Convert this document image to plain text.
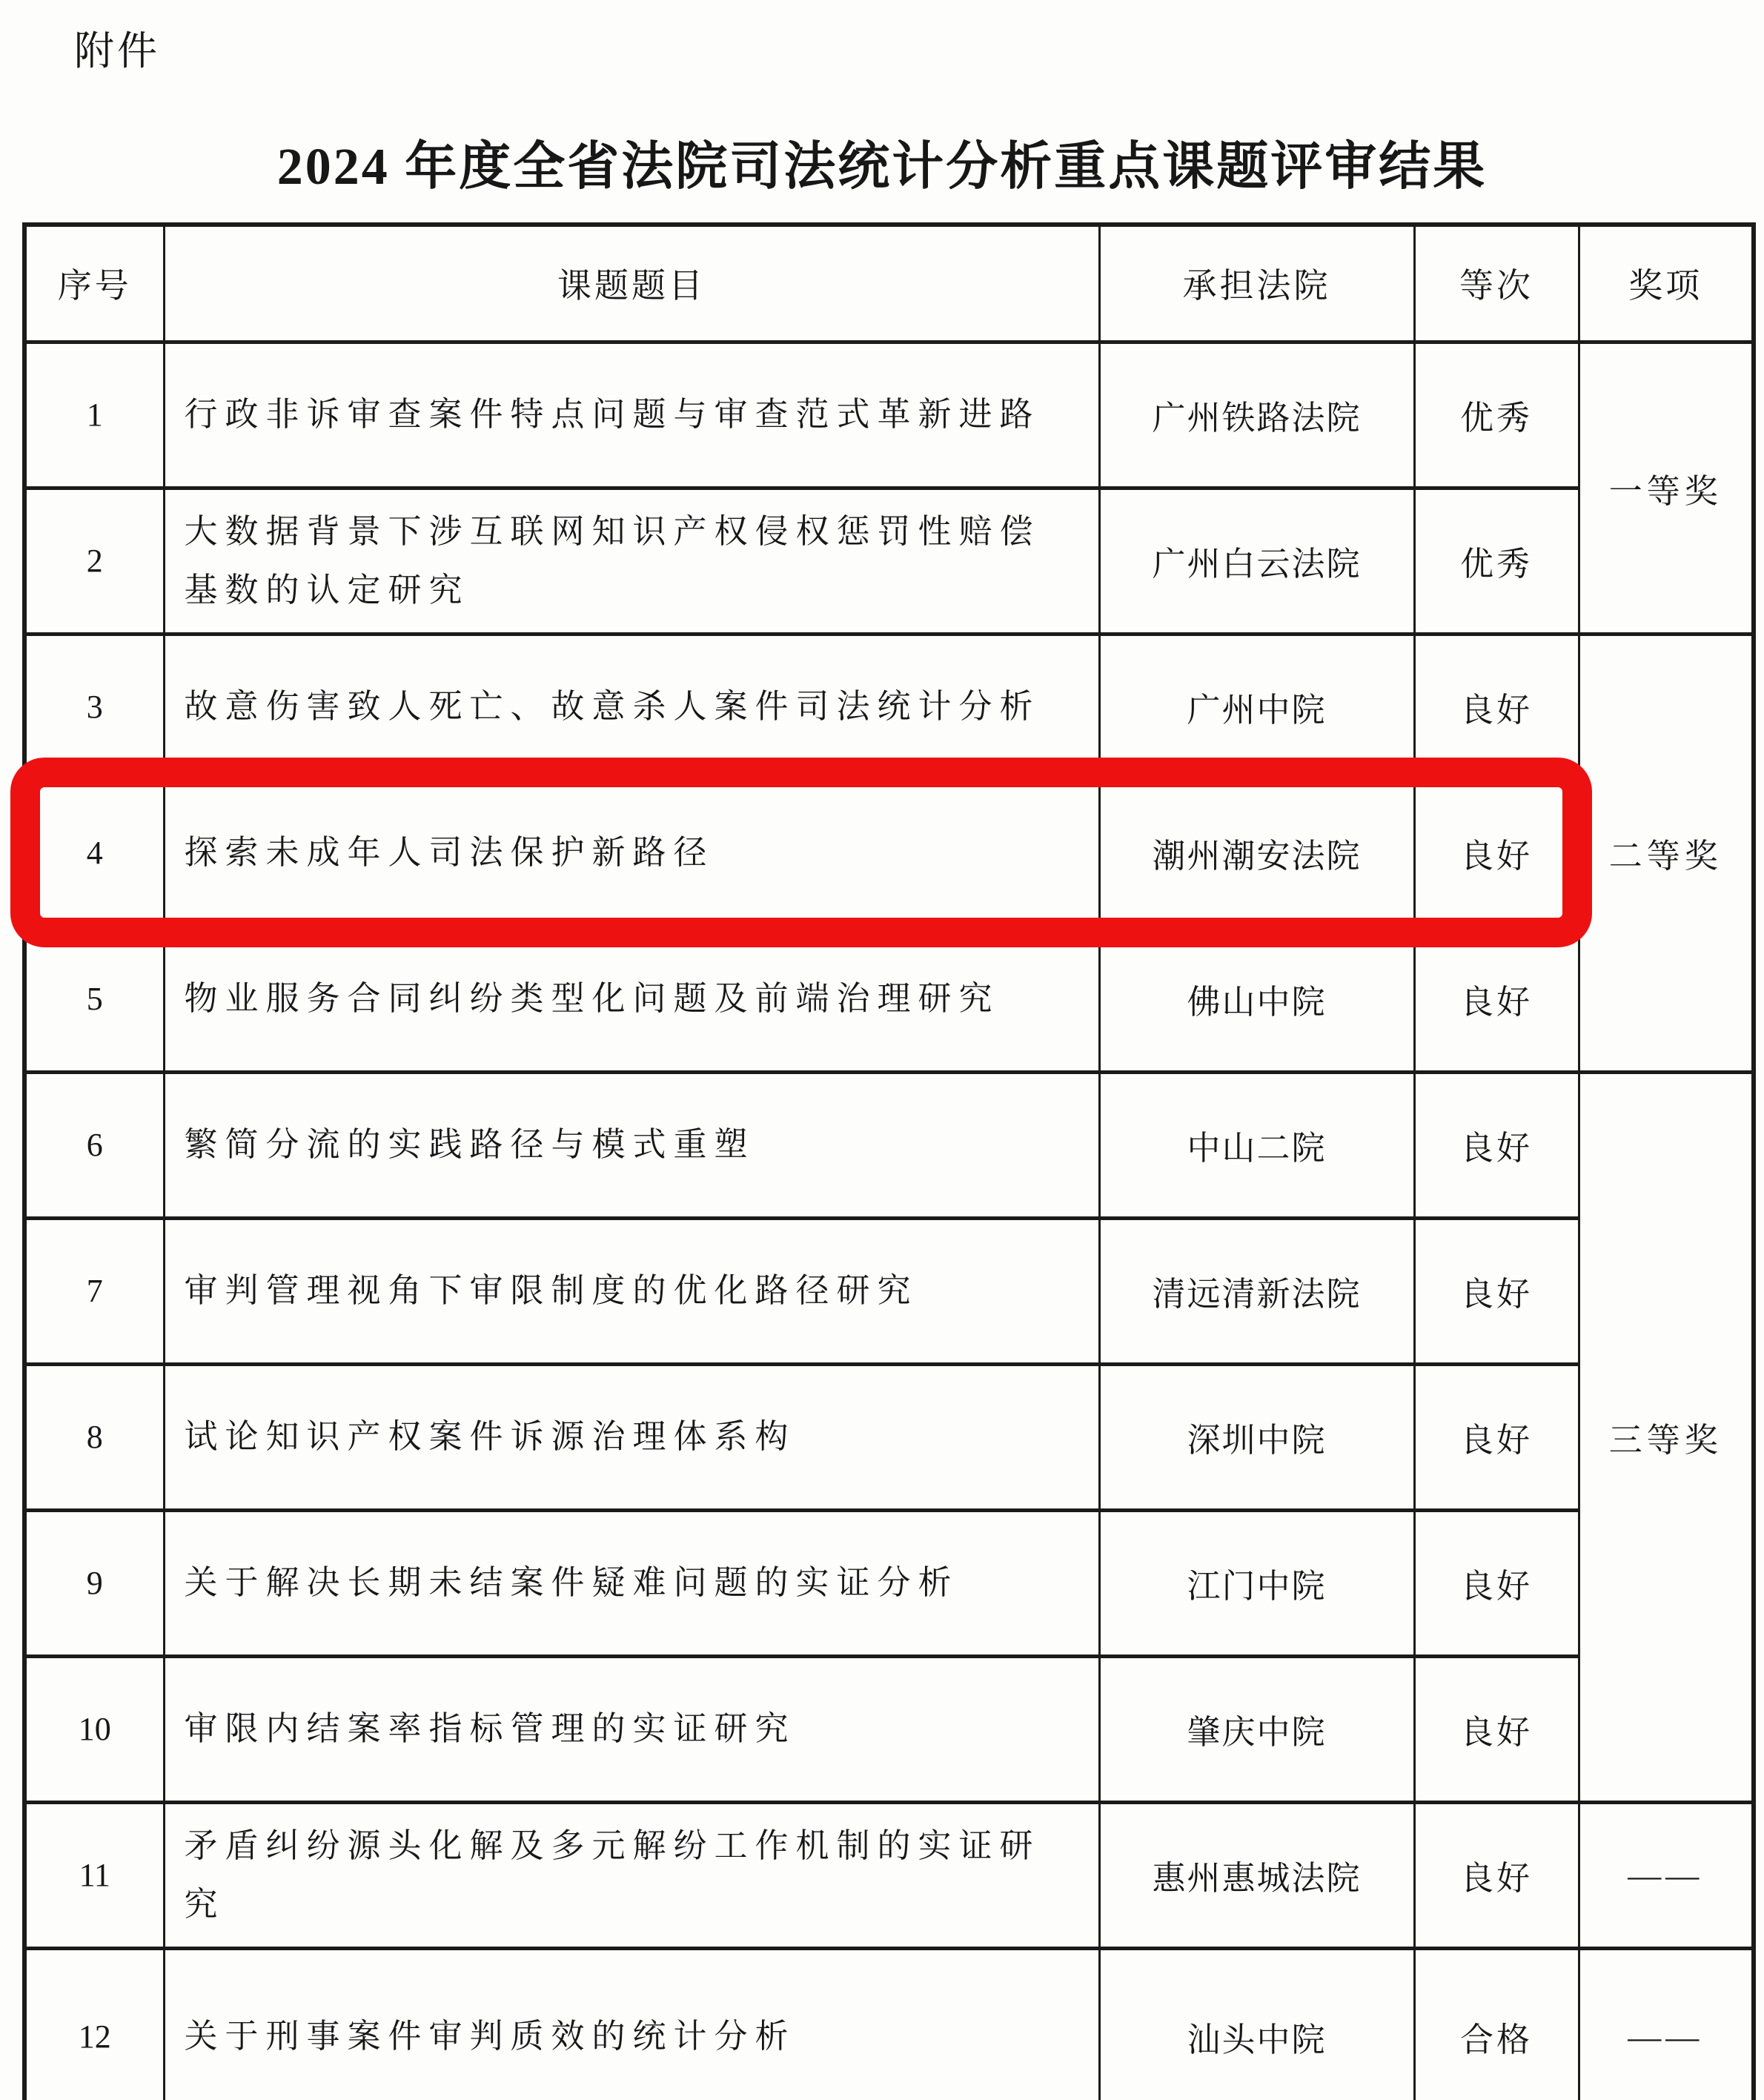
附件
2024 年度全省法院司法统计分析重点课题评审结果
序号	课题题目	承担法院	等次	奖项
1	行政非诉审查案件特点问题与审查范式革新进路	广州铁路法院	优秀	一等奖
2	大数据背景下涉互联网知识产权侵权惩罚性赔偿基数的认定研究	广州白云法院	优秀	
3	故意伤害致人死亡、故意杀人案件司法统计分析	广州中院	良好	二等奖
4	探索未成年人司法保护新路径	潮州潮安法院	良好	
5	物业服务合同纠纷类型化问题及前端治理研究	佛山中院	良好	
6	繁简分流的实践路径与模式重塑	中山二院	良好	三等奖
7	审判管理视角下审限制度的优化路径研究	清远清新法院	良好	
8	试论知识产权案件诉源治理体系构	深圳中院	良好	
9	关于解决长期未结案件疑难问题的实证分析	江门中院	良好	
10	审限内结案率指标管理的实证研究	肇庆中院	良好	
11	矛盾纠纷源头化解及多元解纷工作机制的实证研究	惠州惠城法院	良好	——
12	关于刑事案件审判质效的统计分析	汕头中院	合格	——
